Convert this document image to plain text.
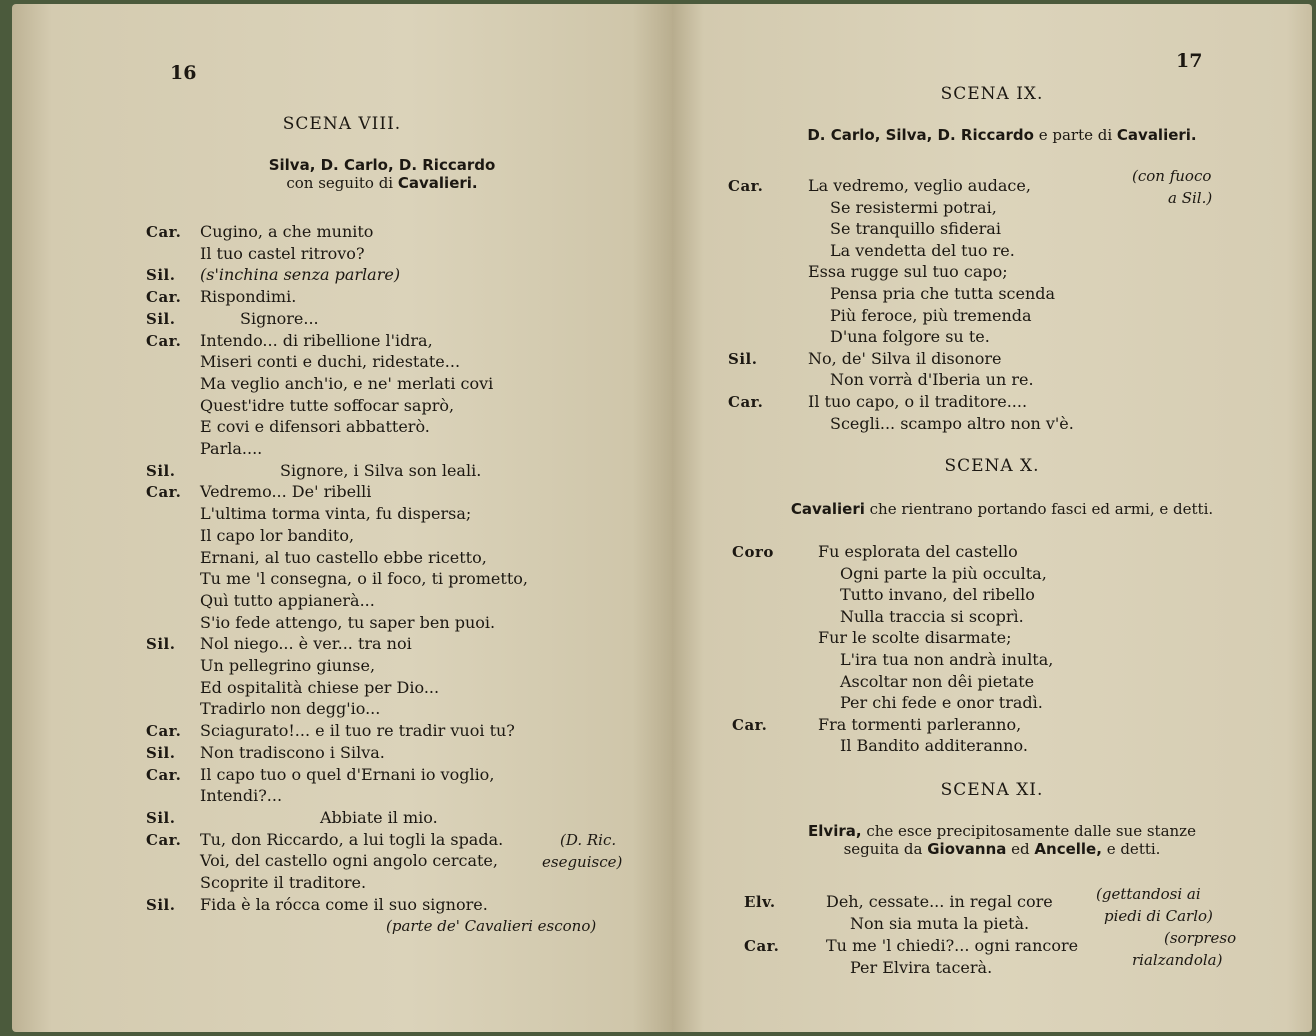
16
SCENA VIII.
Silva, D. Carlo, D. Riccardo
con seguito di Cavalieri.
Car. Cugino, a che munito
Il tuo castel ritrovo?
Sil. (s'inchina senza parlare)
Car. Rispondimi.
Sil.	Signore...
Car. Intendo... di ribellione l'idra,
Miseri conti e duchi, ridestate...
Ma veglio anch'io, e ne' merlati covi
Quest'idre tutte soffocar saprò,
E covi e difensori abbatterò.
Parla....
Sil.	Signore, i Silva son leali.
Car. Vedremo... De' ribelli
L'ultima torma vinta, fu dispersa;
Il capo lor bandito,
Ernani, al tuo castello ebbe ricetto,
Tu me 'l consegna, o il foco, ti prometto,
Quì tutto appianerà...
S'io fede attengo, tu saper ben puoi.
Sil. Nol niego... è ver... tra noi
Un pellegrino giunse,
Ed ospitalità chiese per Dio...
Tradirlo non degg'io...
Car. Sciagurato!... e il tuo re tradir vuoi tu?
Sil. Non tradiscono i Silva.
Car. Il capo tuo o quel d'Ernani io voglio,
Intendi?...
Sil.	Abbiate il mio.
Car. Tu, don Riccardo, a lui togli la spada.
Voi, del castello ogni angolo cercate,
Scoprite il traditore.
Sil. Fida è la rócca come il suo signore.
(D. Ric.
eseguisce)
(parte de' Cavalieri escono)
17
SCENA IX.
D. Carlo, Silva, D. Riccardo e parte di Cavalieri.
(con fuoco
a Sil.)
Car.	La vedremo, veglio audace,
Se resistermi potrai,
Se tranquillo sfiderai
La vendetta del tuo re.
Essa rugge sul tuo capo;
Pensa pria che tutta scenda
Più feroce, più tremenda
D'una folgore su te.
Sil.	No, de' Silva il disonore
Non vorrà d'Iberia un re.
Car.	Il tuo capo, o il traditore....
Scegli... scampo altro non v'è.
SCENA X.
Cavalieri che rientrano portando fasci ed armi, e detti.
Coro	Fu esplorata del castello
Ogni parte la più occulta,
Tutto invano, del ribello
Nulla traccia si scoprì.
Fur le scolte disarmate;
L'ira tua non andrà inulta,
Ascoltar non dêi pietate
Per chi fede e onor tradì.
Car.	Fra tormenti parleranno,
Il Bandito additeranno.
SCENA XI.
Elvira, che esce precipitosamente dalle sue stanze
seguita da Giovanna ed Ancelle, e detti.
Elv.	Deh, cessate... in regal core
Non sia muta la pietà.
Car.	Tu me 'l chiedi?... ogni rancore
Per Elvira tacerà.
(gettandosi ai
piedi di Carlo)
(sorpreso
rialzandola)
